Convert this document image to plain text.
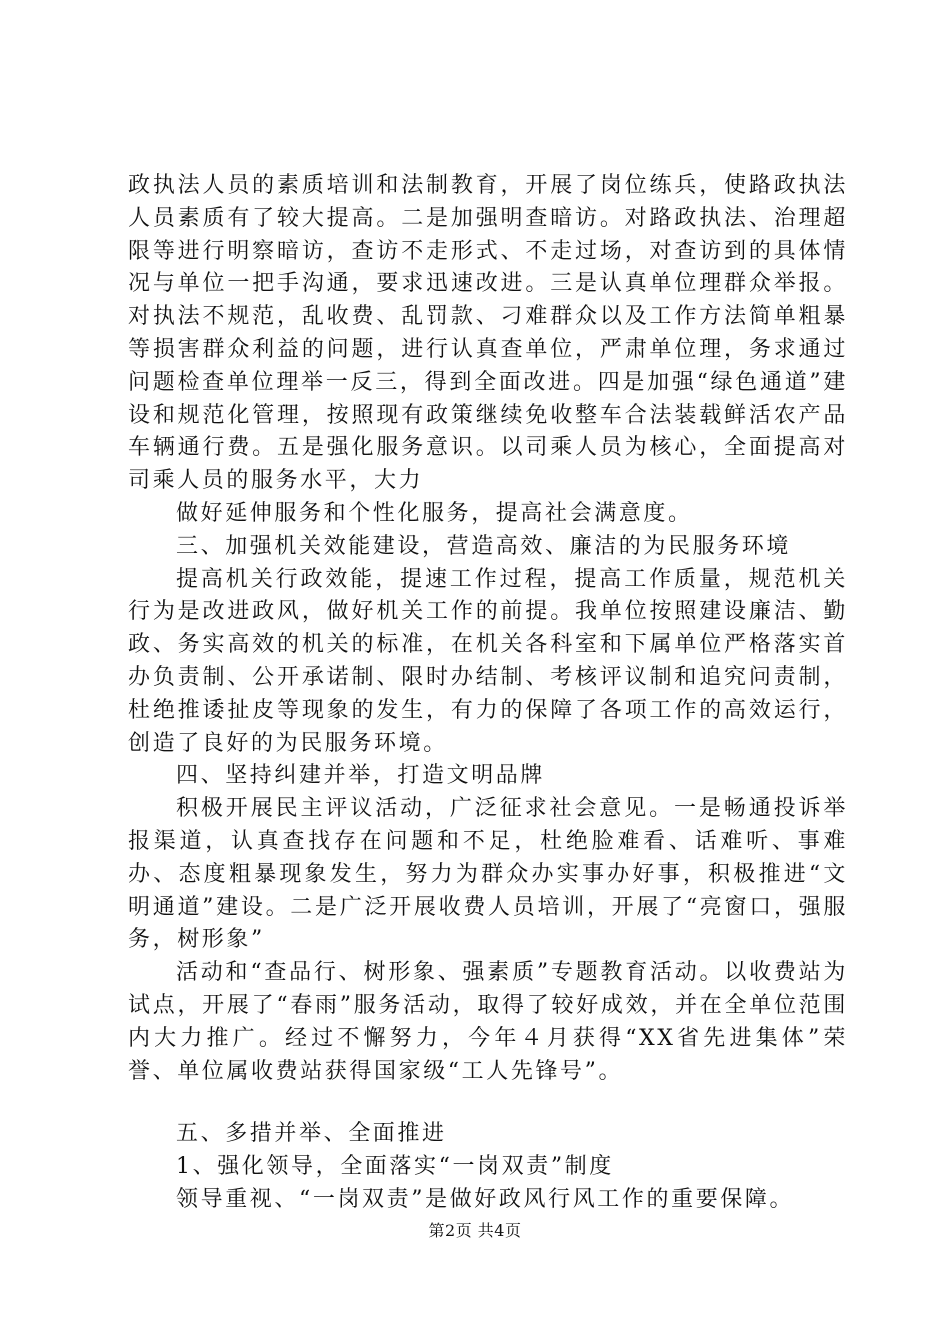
政执法人员的素质培训和法制教育，开展了岗位练兵，使路政执法人员素质有了较大提高。二是加强明查暗访。对路政执法、治理超限等进行明察暗访，查访不走形式、不走过场，对查访到的具体情况与单位一把手沟通，要求迅速改进。三是认真单位理群众举报。对执法不规范，乱收费、乱罚款、刁难群众以及工作方法简单粗暴等损害群众利益的问题，进行认真查单位，严肃单位理，务求通过问题检查单位理举一反三，得到全面改进。四是加强“绿色通道”建设和规范化管理，按照现有政策继续免收整车合法装载鲜活农产品车辆通行费。五是强化服务意识。以司乘人员为核心，全面提高对司乘人员的服务水平，大力

做好延伸服务和个性化服务，提高社会满意度。

三、加强机关效能建设，营造高效、廉洁的为民服务环境

提高机关行政效能，提速工作过程，提高工作质量，规范机关行为是改进政风，做好机关工作的前提。我单位按照建设廉洁、勤政、务实高效的机关的标准，在机关各科室和下属单位严格落实首办负责制、公开承诺制、限时办结制、考核评议制和追究问责制，杜绝推诿扯皮等现象的发生，有力的保障了各项工作的高效运行，创造了良好的为民服务环境。

四、坚持纠建并举，打造文明品牌

积极开展民主评议活动，广泛征求社会意见。一是畅通投诉举报渠道，认真查找存在问题和不足，杜绝脸难看、话难听、事难办、态度粗暴现象发生，努力为群众办实事办好事，积极推进“文明通道”建设。二是广泛开展收费人员培训，开展了“亮窗口，强服务，树形象”

活动和“查品行、树形象、强素质”专题教育活动。以收费站为试点，开展了“春雨”服务活动，取得了较好成效，并在全单位范围内大力推广。经过不懈努力，今年４月获得“XX省先进集体”荣誉、单位属收费站获得国家级“工人先锋号”。

五、多措并举、全面推进

1、强化领导，全面落实“一岗双责”制度

领导重视、“一岗双责”是做好政风行风工作的重要保障。

第2页 共4页
